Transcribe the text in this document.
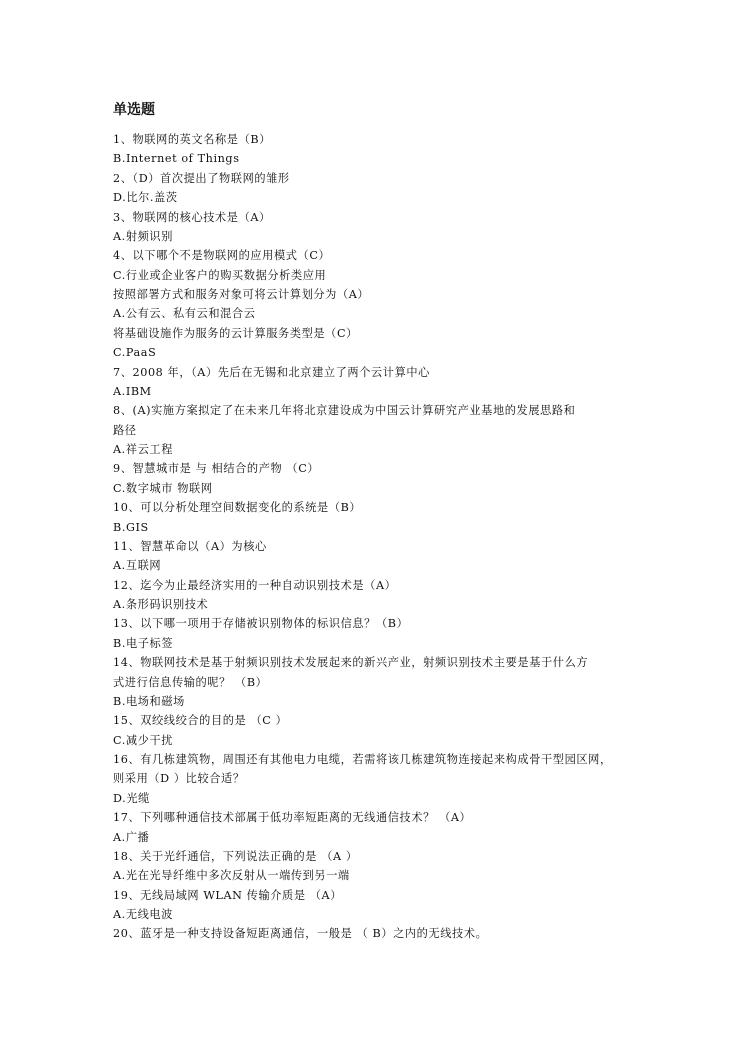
单选题
1、物联网的英文名称是（B）
B.Internet of Things
2、（D）首次提出了物联网的雏形
D.比尔.盖茨
3、物联网的核心技术是（A）
A.射频识别
4、以下哪个不是物联网的应用模式（C）
C.行业或企业客户的购买数据分析类应用
按照部署方式和服务对象可将云计算划分为（A）
A.公有云、私有云和混合云
将基础设施作为服务的云计算服务类型是（C）
C.PaaS
7、2008 年，（A）先后在无锡和北京建立了两个云计算中心
A.IBM
8、(A)实施方案拟定了在未来几年将北京建设成为中国云计算研究产业基地的发展思路和
路径
A.祥云工程
9、智慧城市是 与 相结合的产物 （C）
C.数字城市 物联网
10、可以分析处理空间数据变化的系统是（B）
B.GIS
11、智慧革命以（A）为核心
A.互联网
12、迄今为止最经济实用的一种自动识别技术是（A）
A.条形码识别技术
13、以下哪一项用于存储被识别物体的标识信息？（B）
B.电子标签
14、物联网技术是基于射频识别技术发展起来的新兴产业，射频识别技术主要是基于什么方
式进行信息传输的呢？ （B）
B.电场和磁场
15、双绞线绞合的目的是 （C ）
C.减少干扰
16、有几栋建筑物，周围还有其他电力电缆，若需将该几栋建筑物连接起来构成骨干型园区网，
则采用（D ）比较合适？
D.光缆
17、下列哪种通信技术部属于低功率短距离的无线通信技术？ （A）
A.广播
18、关于光纤通信，下列说法正确的是 （A ）
A.光在光导纤维中多次反射从一端传到另一端
19、无线局域网 WLAN 传输介质是 （A）
A.无线电波
20、蓝牙是一种支持设备短距离通信，一般是 （ B）之内的无线技术。
